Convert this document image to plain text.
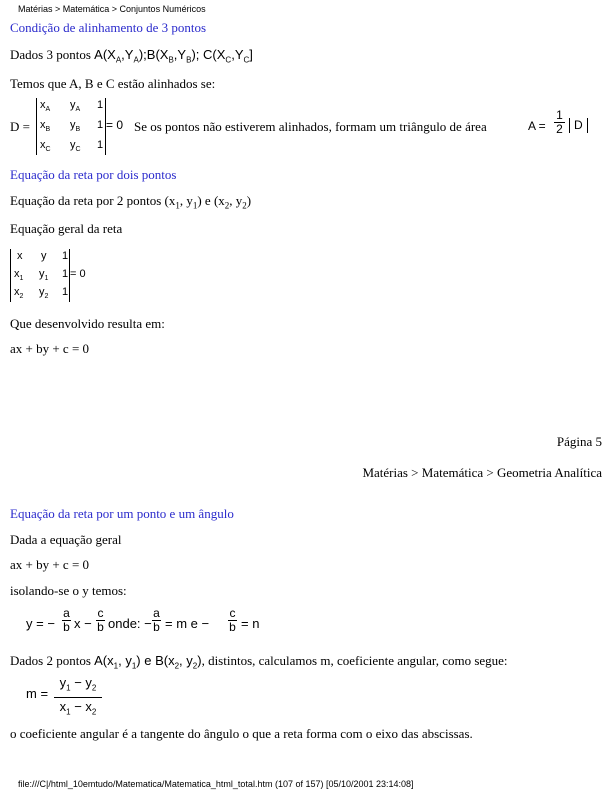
Matérias > Matemática > Conjuntos Numéricos
Condição de alinhamento de 3 pontos
Dados 3 pontos $A(X_A,Y_A);B(X_B,Y_B)$; $C(X_C,Y_C]$
Temos que A, B e C estão alinhados se:
D =
$x_A$ $y_A$ 1
$x_B$ $y_B$ 1
$x_C$ $y_C$ 1
= 0 Se os pontos não estiverem alinhados, formam um triângulo de área	A =
1
2 D
Equação da reta por dois pontos
Equação da reta por 2 pontos ($x_1$, $y_1$) e ($x_2$, $y_2$)
Equação geral da reta
x y 1
$x_1$ $y_1$ 1
$x_2$ $y_2$ 1
= 0
Que desenvolvido resulta em:
ax + by + c = 0
Página 5
Matérias > Matemática > Geometria Analítica
Equação da reta por um ponto e um ângulo
Dada a equação geral
ax + by + c = 0
isolando-se o y temos:
y = −
a
b x −
c
b onde: −
a
b = m e −
c
b = n
Dados 2 pontos $A(x_1$, $y_1$) e $B(x_2$, $y_2$), distintos, calculamos m, coeficiente angular, como segue:
m =
$y_1 - y_2$
$x_1 - x_2$
o coeficiente angular é a tangente do ângulo o que a reta forma com o eixo das abscissas.
file:///C|/html_10emtudo/Matematica/Matematica_html_total.htm (107 of 157) [05/10/2001 23:14:08]
